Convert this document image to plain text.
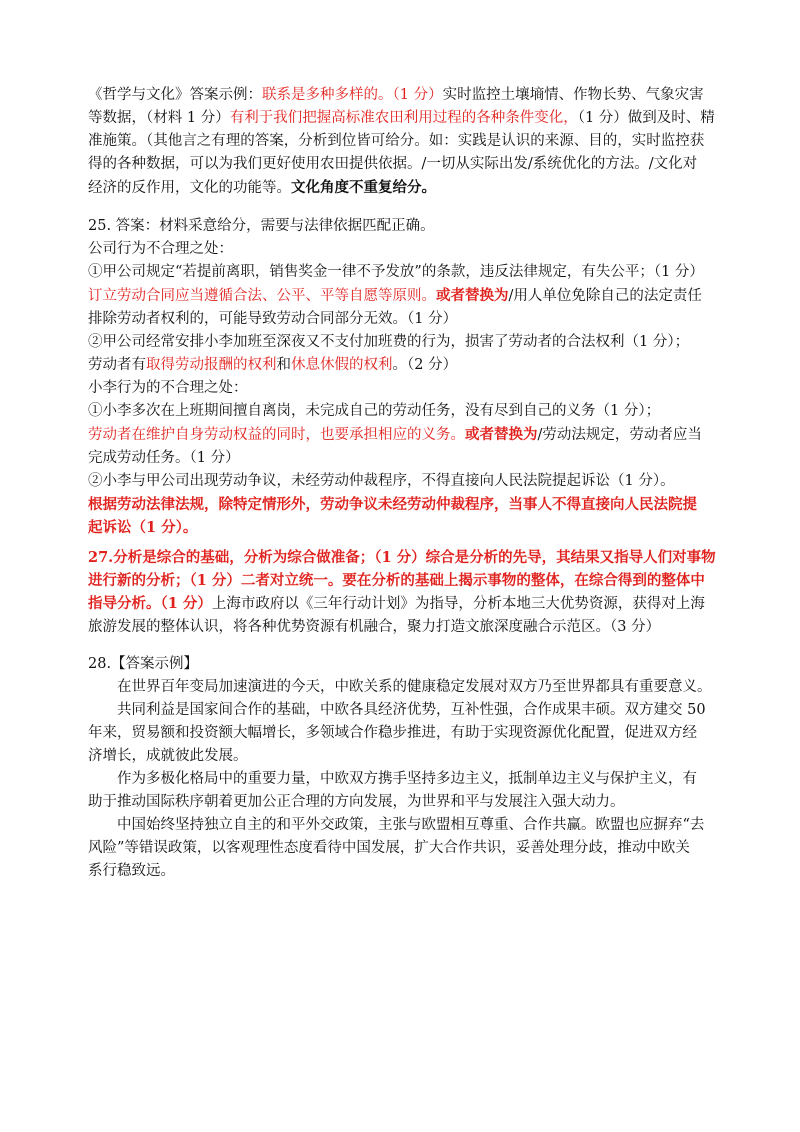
《哲学与文化》答案示例：联系是多种多样的。（1 分）实时监控土壤墒情、作物长势、气象灾害
等数据，（材料 1 分）有利于我们把握高标准农田利用过程的各种条件变化，（1 分）做到及时、精
准施策。（其他言之有理的答案，分析到位皆可给分。如：实践是认识的来源、目的，实时监控获
得的各种数据，可以为我们更好使用农田提供依据。/一切从实际出发/系统优化的方法。/文化对
经济的反作用，文化的功能等。文化角度不重复给分。
25. 答案：材料采意给分，需要与法律依据匹配正确。
公司行为不合理之处：
①甲公司规定“若提前离职，销售奖金一律不予发放”的条款，违反法律规定，有失公平；（1 分）
订立劳动合同应当遵循合法、公平、平等自愿等原则。或者替换为/用人单位免除自己的法定责任
排除劳动者权利的，可能导致劳动合同部分无效。（1 分）
②甲公司经常安排小李加班至深夜又不支付加班费的行为，损害了劳动者的合法权利（1 分）；
劳动者有取得劳动报酬的权利和休息休假的权利。（2 分）
小李行为的不合理之处：
①小李多次在上班期间擅自离岗，未完成自己的劳动任务，没有尽到自己的义务（1 分）；
劳动者在维护自身劳动权益的同时，也要承担相应的义务。或者替换为/劳动法规定，劳动者应当
完成劳动任务。（1 分）
②小李与甲公司出现劳动争议，未经劳动仲裁程序，不得直接向人民法院提起诉讼（1 分）。
根据劳动法律法规，除特定情形外，劳动争议未经劳动仲裁程序，当事人不得直接向人民法院提
起诉讼（1 分）。
27.分析是综合的基础，分析为综合做准备；（1 分）综合是分析的先导，其结果又指导人们对事物
进行新的分析；（1 分）二者对立统一。要在分析的基础上揭示事物的整体，在综合得到的整体中
指导分析。（1 分）上海市政府以《三年行动计划》为指导，分析本地三大优势资源，获得对上海
旅游发展的整体认识，将各种优势资源有机融合，聚力打造文旅深度融合示范区。（3 分）
28.【答案示例】
在世界百年变局加速演进的今天，中欧关系的健康稳定发展对双方乃至世界都具有重要意义。
共同利益是国家间合作的基础，中欧各具经济优势，互补性强，合作成果丰硕。双方建交 50
年来，贸易额和投资额大幅增长，多领域合作稳步推进，有助于实现资源优化配置，促进双方经
济增长，成就彼此发展。
作为多极化格局中的重要力量，中欧双方携手坚持多边主义，抵制单边主义与保护主义，有
助于推动国际秩序朝着更加公正合理的方向发展，为世界和平与发展注入强大动力。
中国始终坚持独立自主的和平外交政策，主张与欧盟相互尊重、合作共赢。欧盟也应摒弃“去
风险”等错误政策，以客观理性态度看待中国发展，扩大合作共识，妥善处理分歧，推动中欧关
系行稳致远。
